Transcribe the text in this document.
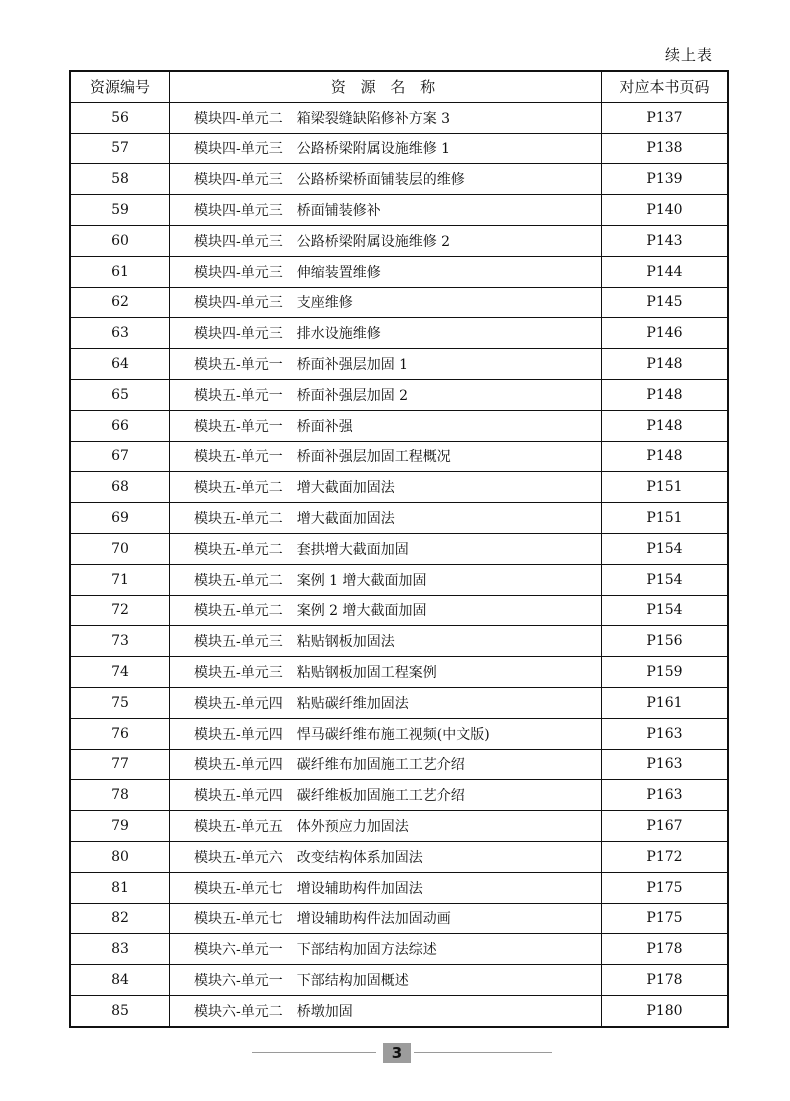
续上表
资源编号	资 源 名 称	对应本书页码
56	模块四-单元二　箱梁裂缝缺陷修补方案 3	P137
57	模块四-单元三　公路桥梁附属设施维修 1	P138
58	模块四-单元三　公路桥梁桥面铺装层的维修	P139
59	模块四-单元三　桥面铺装修补	P140
60	模块四-单元三　公路桥梁附属设施维修 2	P143
61	模块四-单元三　伸缩装置维修	P144
62	模块四-单元三　支座维修	P145
63	模块四-单元三　排水设施维修	P146
64	模块五-单元一　桥面补强层加固 1	P148
65	模块五-单元一　桥面补强层加固 2	P148
66	模块五-单元一　桥面补强	P148
67	模块五-单元一　桥面补强层加固工程概况	P148
68	模块五-单元二　增大截面加固法	P151
69	模块五-单元二　增大截面加固法	P151
70	模块五-单元二　套拱增大截面加固	P154
71	模块五-单元二　案例 1 增大截面加固	P154
72	模块五-单元二　案例 2 增大截面加固	P154
73	模块五-单元三　粘贴钢板加固法	P156
74	模块五-单元三　粘贴钢板加固工程案例	P159
75	模块五-单元四　粘贴碳纤维加固法	P161
76	模块五-单元四　悍马碳纤维布施工视频(中文版)	P163
77	模块五-单元四　碳纤维布加固施工工艺介绍	P163
78	模块五-单元四　碳纤维板加固施工工艺介绍	P163
79	模块五-单元五　体外预应力加固法	P167
80	模块五-单元六　改变结构体系加固法	P172
81	模块五-单元七　增设辅助构件加固法	P175
82	模块五-单元七　增设辅助构件法加固动画	P175
83	模块六-单元一　下部结构加固方法综述	P178
84	模块六-单元一　下部结构加固概述	P178
85	模块六-单元二　桥墩加固	P180
3
